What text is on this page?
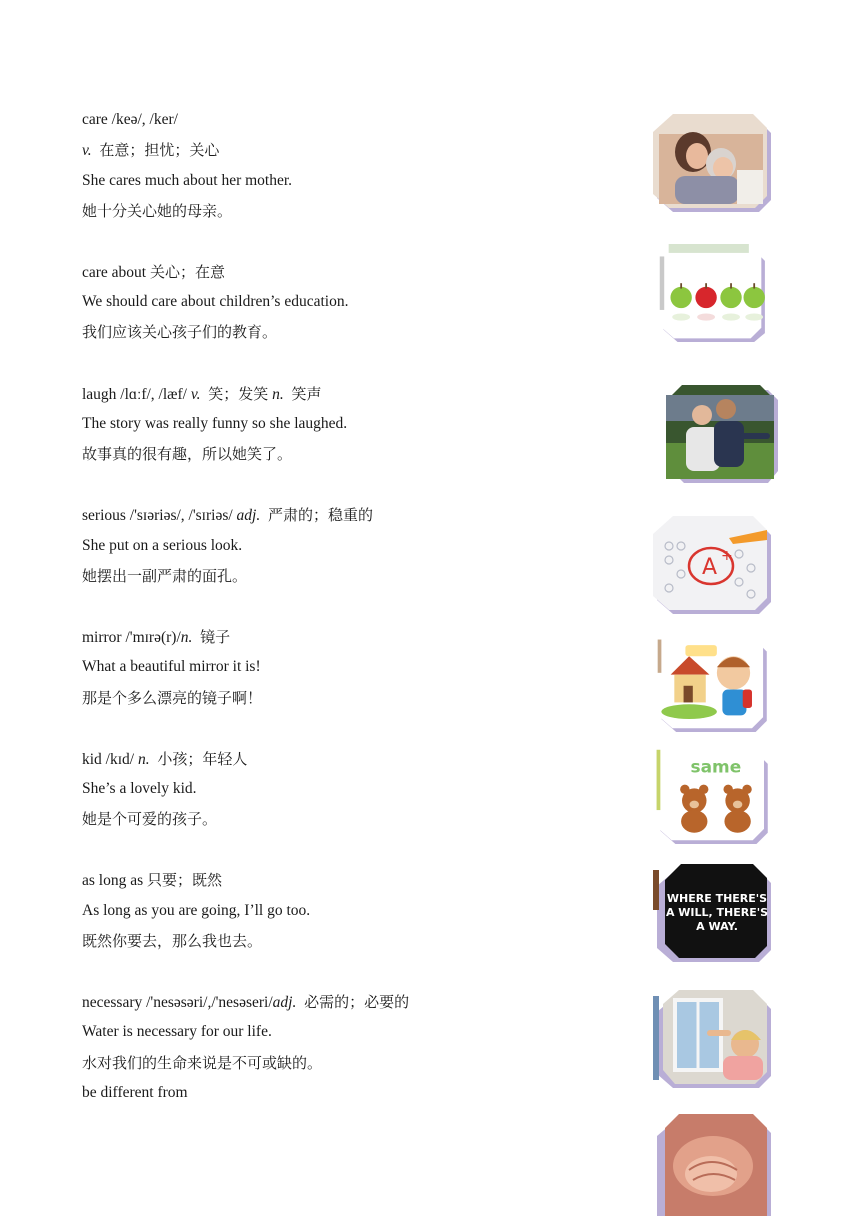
care /keə/, /ker/
v. 在意；担忧；关心
She cares much about her mother.
她十分关心她的母亲。
care about 关心；在意
We should care about children’s education.
我们应该关心孩子们的教育。
laugh /lɑːf/, /læf/ v. 笑；发笑 n. 笑声
The story was really funny so she laughed.
故事真的很有趣，所以她笑了。
serious /'sɪəriəs/, /'sɪriəs/ adj. 严肃的；稳重的
She put on a serious look.
她摆出一副严肃的面孔。
mirror /'mɪrə(r)/n. 镜子
What a beautiful mirror it is!
那是个多么漂亮的镜子啊！
kid /kɪd/ n. 小孩；年轻人
She’s a lovely kid.
她是个可爱的孩子。
as long as 只要；既然
As long as you are going, I’ll go too.
既然你要去，那么我也去。
necessary /'nesəsəri/,/'nesəseri/adj. 必需的；必要的
Water is necessary for our life.
水对我们的生命来说是不可或缺的。
be different from
A +
same
WHERE THERE'S
A WILL, THERE'S
A WAY.
